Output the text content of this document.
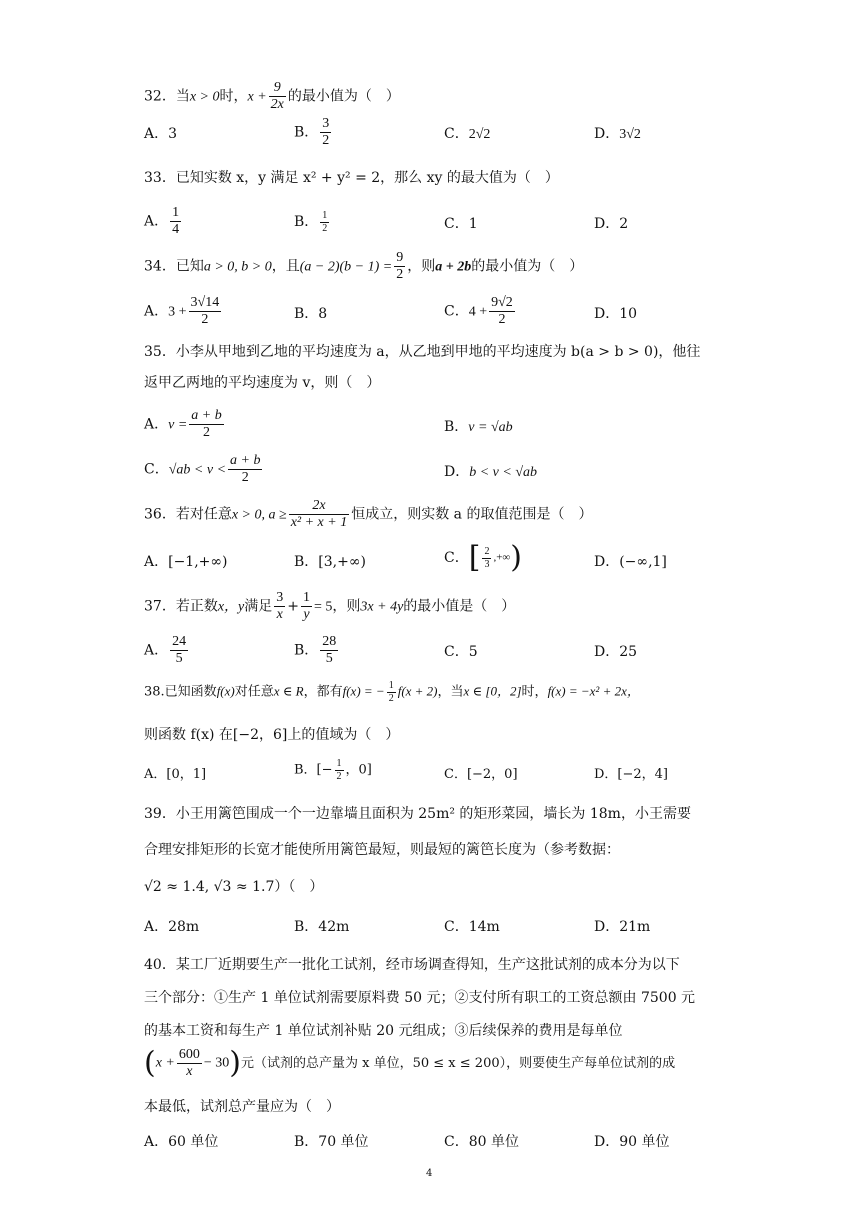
32．当x > 0时，$x + \frac{9}{2x}$ 的最小值为（　）
A．3	B． $\frac{3}{2}$	C．2√2	D．3√2
33．已知实数 x，y 满足 x² + y² = 2，那么 xy 的最大值为（　）
A． $\frac{1}{4}$	B． $\frac{1}{2}$	C．1	D．2
34．已知a > 0, b > 0，且$(a - 2)(b - 1) = \frac{9}{2}$ ，则a + 2b的最小值为（　）
A．$3 + \frac{3√14}{2}$	B．8	C．$4 + \frac{9√2}{2}$	D．10
35．小李从甲地到乙地的平均速度为 a，从乙地到甲地的平均速度为 b(a > b > 0)，他往
返甲乙两地的平均速度为 v，则（　）
A．$v = \frac{a + b}{2}$	B．v = √ab
C．$√ab < v < \frac{a + b}{2}$	D．b < v < √ab
36．若对任意x > 0, $a \ge \frac{2x}{\text{x² + x + 1}}$ 恒成立，则实数 a 的取值范围是（　）
A．[−1,+∞)	B．[3,+∞)	C．[ $\frac{2}{3}$ ,+∞)	D．(−∞,1]
37．若正数x，y满足 $\frac{3}{x} + \frac{1}{y} = 5$，则3x + 4y的最小值是（　）
A． $\frac{24}{5}$	B． $\frac{28}{5}$	C．5	D．25
38.已知函数f(x)对任意x ∈ R，都有f(x) = − $\frac{1}{2} f(x + 2)$，当x ∈ [0，2]时，f(x) = −x² + 2x，
则函数 f(x) 在[−2，6]上的值域为（　）
A．[0，1]	B．[− $\frac{1}{2}$ ，0]	C．[−2，0]	D．[−2，4]
39．小王用篱笆围成一个一边靠墙且面积为 25m² 的矩形菜园，墙长为 18m，小王需要
合理安排矩形的长宽才能使所用篱笆最短，则最短的篱笆长度为（参考数据：
√2 ≈ 1.4, √3 ≈ 1.7）（　）
A．28m	B．42m	C．14m	D．21m
40．某工厂近期要生产一批化工试剂，经市场调查得知，生产这批试剂的成本分为以下
三个部分：①生产 1 单位试剂需要原料费 50 元；②支付所有职工的工资总额由 7500 元
的基本工资和每生产 1 单位试剂补贴 20 元组成；③后续保养的费用是每单位
$(x + \frac{600}{x} - 30)$元（试剂的总产量为 x 单位，50 ≤ x ≤ 200），则要使生产每单位试剂的成
本最低，试剂总产量应为（　）
A．60 单位	B．70 单位	C．80 单位	D．90 单位
4
